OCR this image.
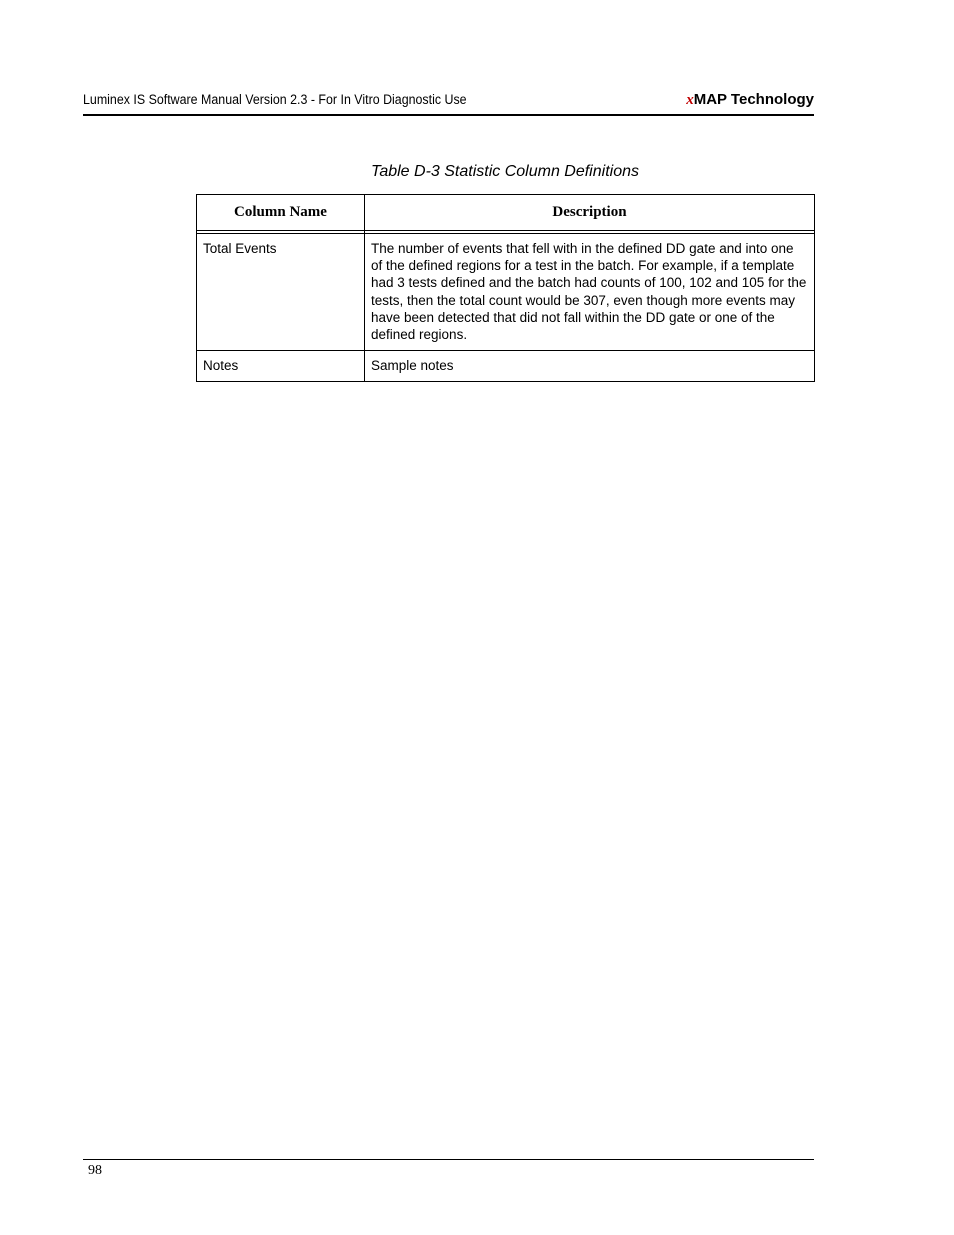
Luminex IS Software Manual Version 2.3 - For In Vitro Diagnostic Use	xMAP Technology
Table D-3 Statistic Column Definitions
Column Name	Description

Total Events	The number of events that fell with in the defined DD gate and into one of the defined regions for a test in the batch. For example, if a template had 3 tests defined and the batch had counts of 100, 102 and 105 for the tests, then the total count would be 307, even though more events may have been detected that did not fall within the DD gate or one of the defined regions.
Notes	Sample notes
98
